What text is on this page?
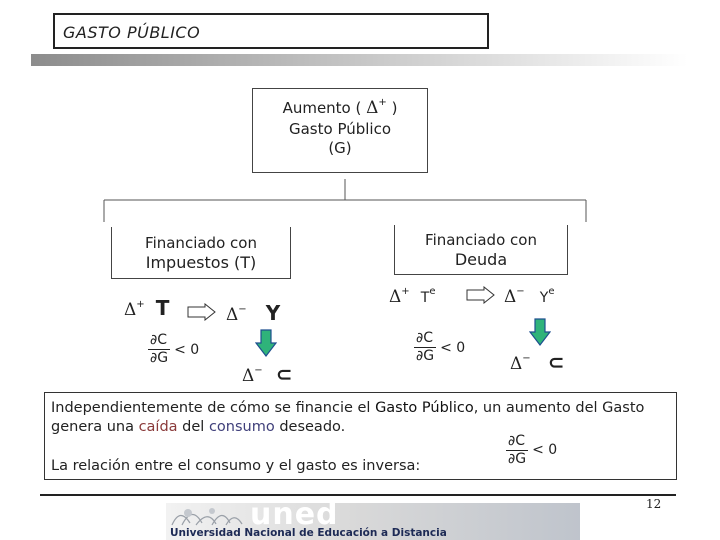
GASTO PÚBLICO
Aumento ( Δ+ )
Gasto Público
(G)
Financiado con
Impuestos (T)
Financiado con
Deuda
Δ+ T	Δ− Y
$\frac{\partial C}{\partial G} < 0$
Δ− ⊂
Δ+ $T^e$	Δ− $Y^e$
$\frac{\partial C}{\partial G} < 0$
Δ− ⊂
Independientemente de cómo se financie el Gasto Público, un aumento del Gasto genera una caída del consumo deseado.
La relación entre el consumo y el gasto es inversa:	$\frac{\partial C}{\partial G} < 0$
12
uned
Universidad Nacional de Educación a Distancia
